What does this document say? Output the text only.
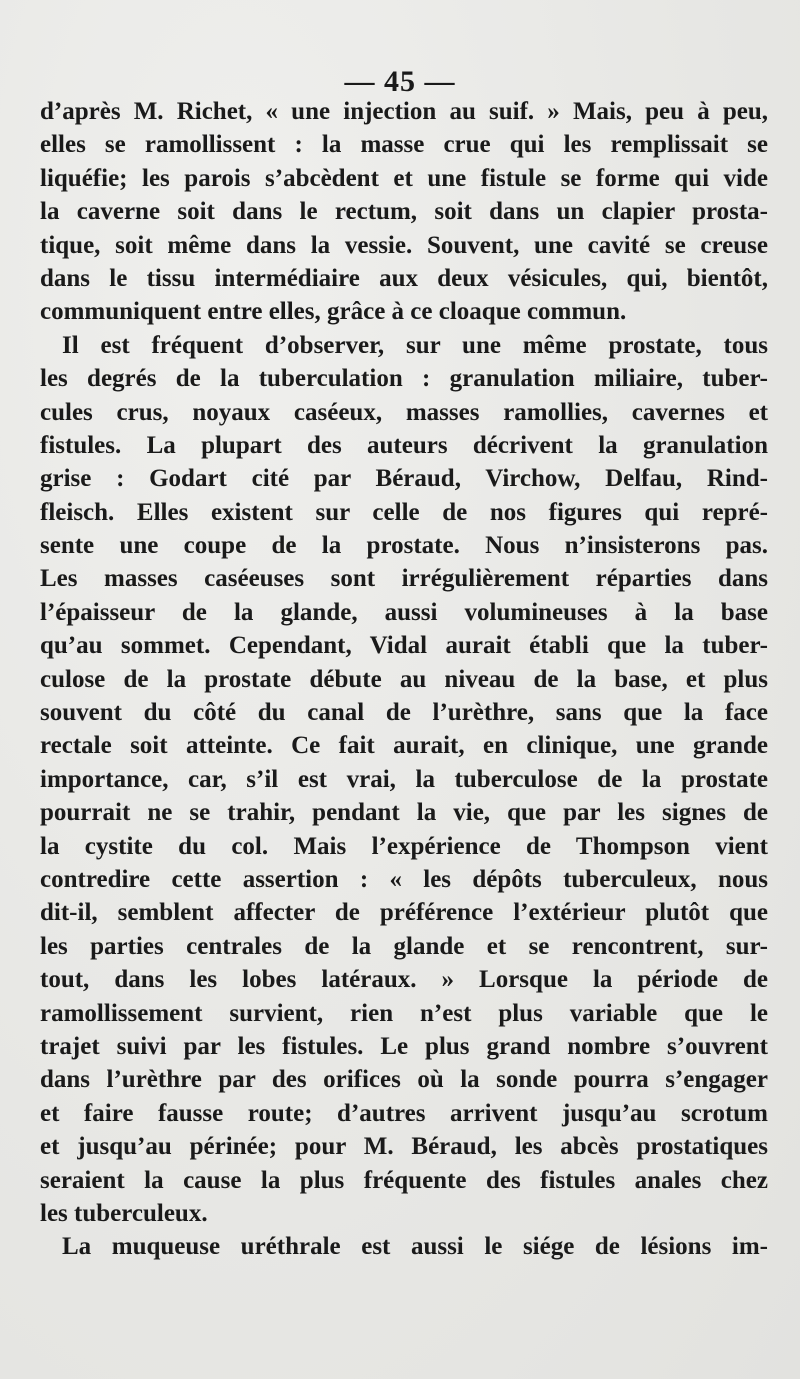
— 45 —

d’après M. Richet, « une injection au suif. » Mais, peu à peu,
elles se ramollissent : la masse crue qui les remplissait se
liquéfie; les parois s’abcèdent et une fistule se forme qui vide
la caverne soit dans le rectum, soit dans un clapier prosta-
tique, soit même dans la vessie. Souvent, une cavité se creuse
dans le tissu intermédiaire aux deux vésicules, qui, bientôt,
communiquent entre elles, grâce à ce cloaque commun.
Il est fréquent d’observer, sur une même prostate, tous
les degrés de la tuberculation : granulation miliaire, tuber-
cules crus, noyaux caséeux, masses ramollies, cavernes et
fistules. La plupart des auteurs décrivent la granulation
grise : Godart cité par Béraud, Virchow, Delfau, Rind-
fleisch. Elles existent sur celle de nos figures qui repré-
sente une coupe de la prostate. Nous n’insisterons pas.
Les masses caséeuses sont irrégulièrement réparties dans
l’épaisseur de la glande, aussi volumineuses à la base
qu’au sommet. Cependant, Vidal aurait établi que la tuber-
culose de la prostate débute au niveau de la base, et plus
souvent du côté du canal de l’urèthre, sans que la face
rectale soit atteinte. Ce fait aurait, en clinique, une grande
importance, car, s’il est vrai, la tuberculose de la prostate
pourrait ne se trahir, pendant la vie, que par les signes de
la cystite du col. Mais l’expérience de Thompson vient
contredire cette assertion : « les dépôts tuberculeux, nous
dit-il, semblent affecter de préférence l’extérieur plutôt que
les parties centrales de la glande et se rencontrent, sur-
tout, dans les lobes latéraux. » Lorsque la période de
ramollissement survient, rien n’est plus variable que le
trajet suivi par les fistules. Le plus grand nombre s’ouvrent
dans l’urèthre par des orifices où la sonde pourra s’engager
et faire fausse route; d’autres arrivent jusqu’au scrotum
et jusqu’au périnée; pour M. Béraud, les abcès prostatiques
seraient la cause la plus fréquente des fistules anales chez
les tuberculeux.
La muqueuse uréthrale est aussi le siége de lésions im-
